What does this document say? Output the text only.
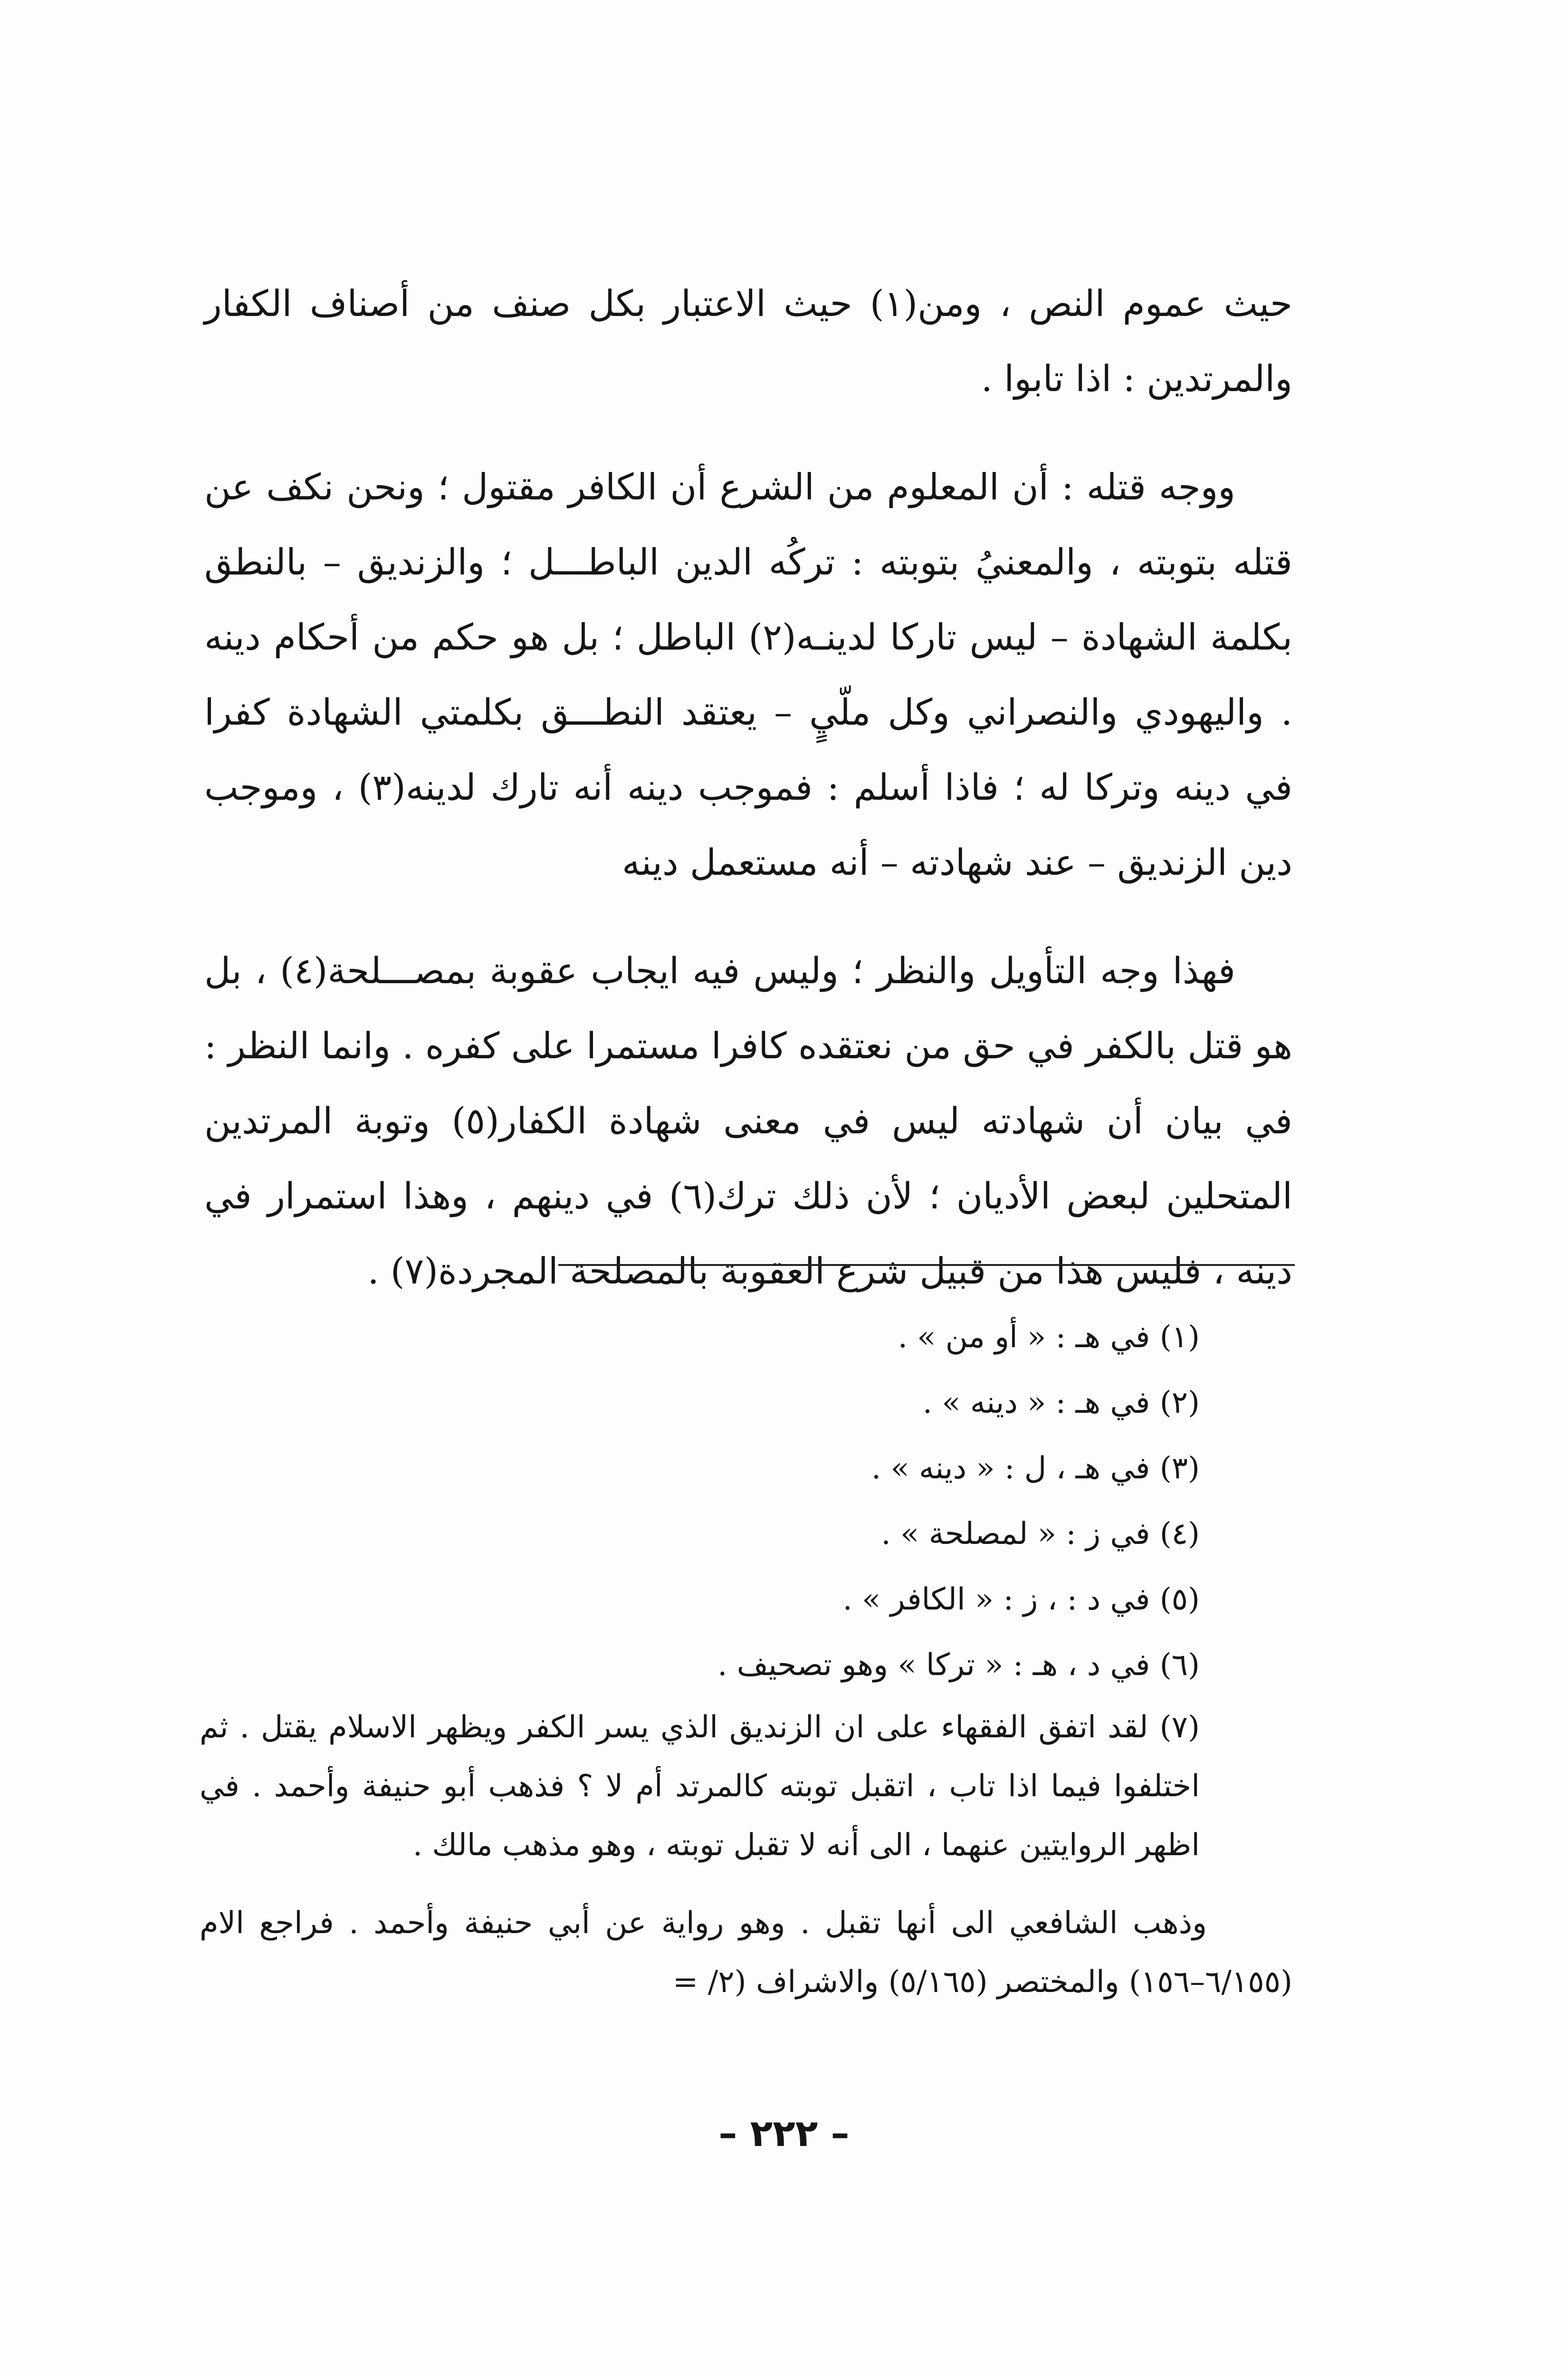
حيث عموم النص ، ومن(١) حيث الاعتبار بكل صنف من أصناف الكفار والمرتدين : اذا تابوا .

ووجه قتله : أن المعلوم من الشرع أن الكافر مقتول ؛ ونحن نكف عن قتله بتوبته ، والمعنيُ بتوبته : تركُه الدين الباطـــل ؛ والزنديق – بالنطق بكلمة الشهادة – ليس تاركا لدينـه(٢) الباطل ؛ بل هو حكم من أحكام دينه . واليهودي والنصراني وكل ملّيٍ – يعتقد النطـــق بكلمتي الشهادة كفرا في دينه وتركا له ؛ فاذا أسلم : فموجب دينه أنه تارك لدينه(٣) ، وموجب دين الزنديق – عند شهادته – أنه مستعمل دينه

فهذا وجه التأويل والنظر ؛ وليس فيه ايجاب عقوبة بمصـــلحة(٤) ، بل هو قتل بالكفر في حق من نعتقده كافرا مستمرا على كفره . وانما النظر : في بيان أن شهادته ليس في معنى شهادة الكفار(٥) وتوبة المرتدين المتحلين لبعض الأديان ؛ لأن ذلك ترك(٦) في دينهم ، وهذا استمرار في دينه ، فليس هذا من قبيل شرع العقوبة بالمصلحة المجردة(٧) .

(١) في هـ : « أو من » .

(٢) في هـ : « دينه » .

(٣) في هـ ، ل : « دينه » .

(٤) في ز : « لمصلحة » .

(٥) في د : ، ز : « الكافر » .

(٦) في د ، هـ : « تركا » وهو تصحيف .

(٧) لقد اتفق الفقهاء على ان الزنديق الذي يسر الكفر ويظهر الاسلام يقتل . ثم اختلفوا فيما اذا تاب ، اتقبل توبته كالمرتد أم لا ؟ فذهب أبو حنيفة وأحمد . في اظهر الروايتين عنهما ، الى أنه لا تقبل توبته ، وهو مذهب مالك .

وذهب الشافعي الى أنها تقبل . وهو رواية عن أبي حنيفة وأحمد . فراجع الام (٦/١٥٥–١٥٦) والمختصر (٥/١٦٥) والاشراف (٢/ =

– ٢٢٢ –
